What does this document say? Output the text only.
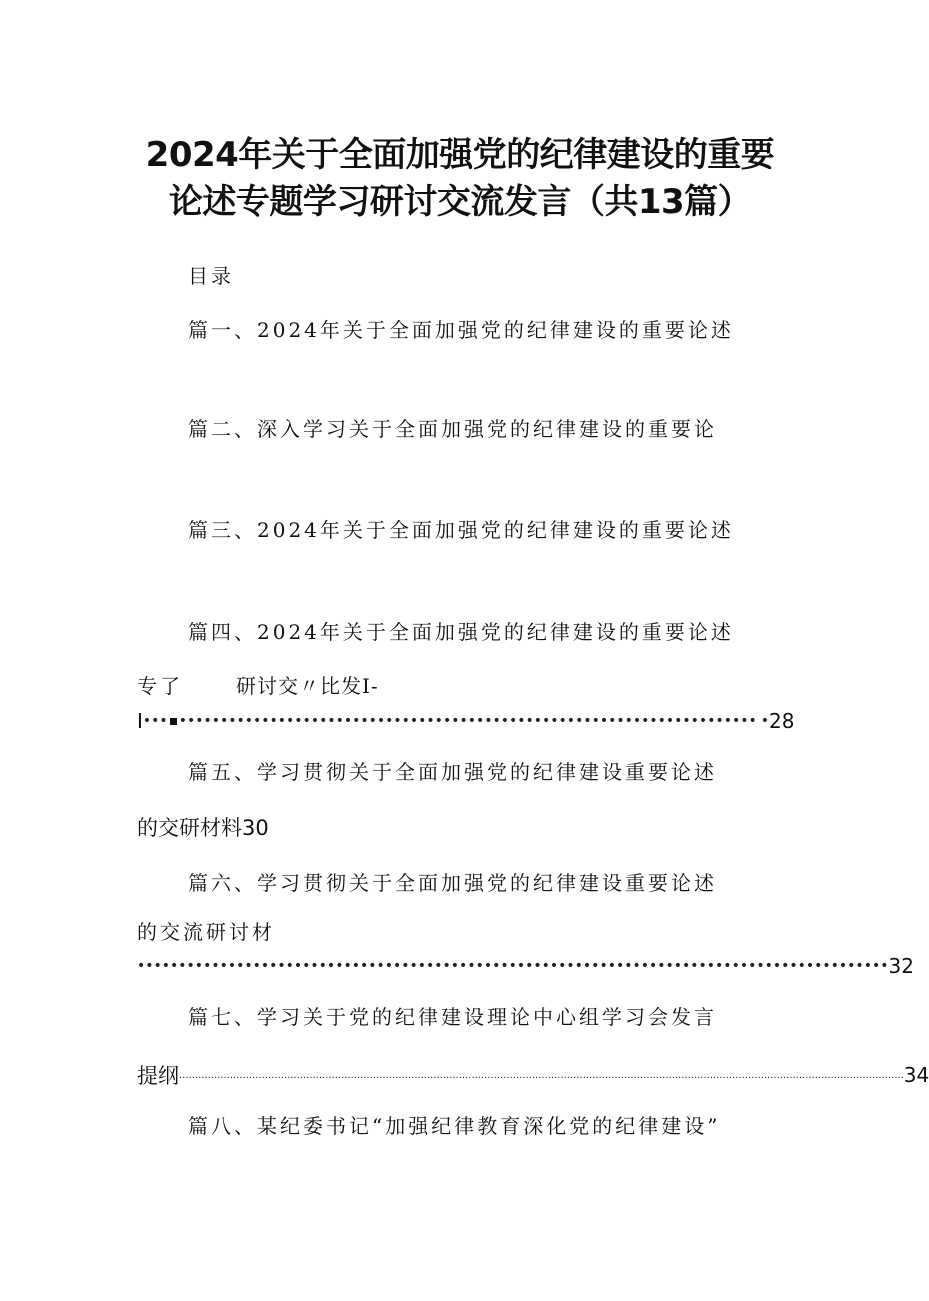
2024年关于全面加强党的纪律建设的重要
论述专题学习研讨交流发言（共13篇）
目录
篇一、2024年关于全面加强党的纪律建设的重要论述
篇二、深入学习关于全面加强党的纪律建设的重要论
篇三、2024年关于全面加强党的纪律建设的重要论述
篇四、2024年关于全面加强党的纪律建设的重要论述
专了	研讨交〃比发I-
I ••• •••••••••••••••••••••••••••••••••••••••••••••••••••••••••••••••••••••• • 28
篇五、学习贯彻关于全面加强党的纪律建设重要论述
的交研材料30
篇六、学习贯彻关于全面加强党的纪律建设重要论述
的交流研讨材
••••••••••••••••••••••••••••••••••••••••••••••••••••••••••••••••••••••••••••••••••••••••••• 32
篇七、学习关于党的纪律建设理论中心组学习会发言
提纲 .................................................................................................................................................................................................................................... 34
篇八、某纪委书记“加强纪律教育深化党的纪律建设”
